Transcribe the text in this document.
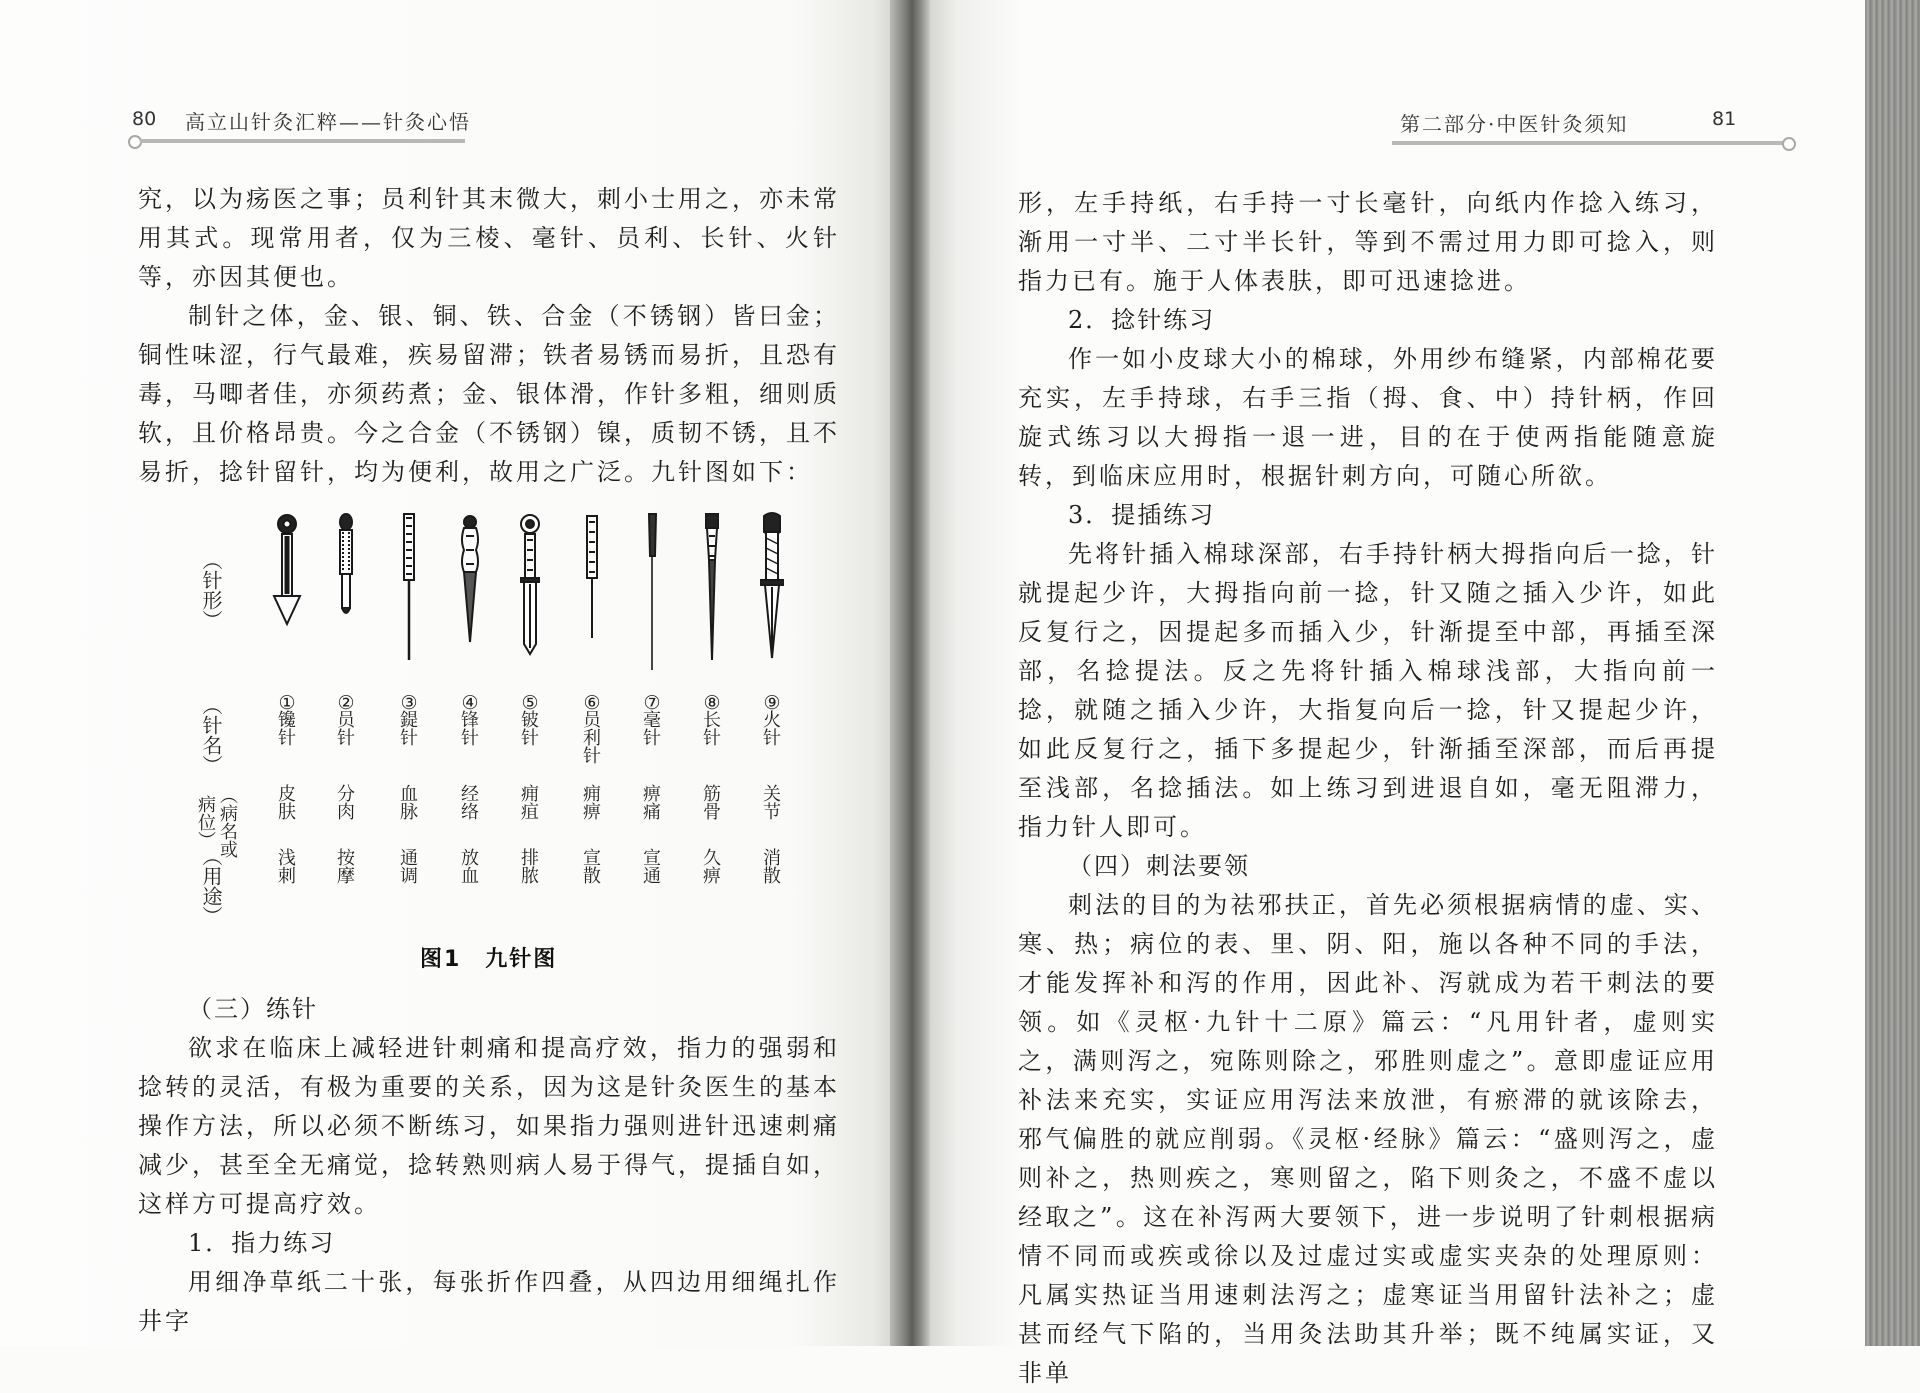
80 高立山针灸汇粹——针灸心悟

究，以为疡医之事；员利针其末微大，刺小士用之，亦未常用其式。现常用者，仅为三棱、毫针、员利、长针、火针等，亦因其便也。

制针之体，金、银、铜、铁、合金（不锈钢）皆曰金；铜性味涩，行气最难，疾易留滞；铁者易锈而易折，且恐有毒，马唧者佳，亦须药煮；金、银体滑，作针多粗，细则质软，且价格昂贵。今之合金（不锈钢）镍，质韧不锈，且不易折，捻针留针，均为便利，故用之广泛。九针图如下：

（针形）
（针名）
（病名或病位）
（用途）
①
镵针
皮肤
浅刺
②
员针
分肉
按摩
③
鍉针
血脉
通调
④
锋针
经络
放血
⑤
铍针
痈疽
排脓
⑥
员利针
痈痹
宣散
⑦
毫针
痹痛
宣通
⑧
长针
筋骨
久痹
⑨
火针
关节
消散
图1　九针图

（三）练针

欲求在临床上减轻进针刺痛和提高疗效，指力的强弱和捻转的灵活，有极为重要的关系，因为这是针灸医生的基本操作方法，所以必须不断练习，如果指力强则进针迅速刺痛减少，甚至全无痛觉，捻转熟则病人易于得气，提插自如，这样方可提高疗效。

1．指力练习

用细净草纸二十张，每张折作四叠，从四边用细绳扎作井字

第二部分·中医针灸须知	81

形，左手持纸，右手持一寸长毫针，向纸内作捻入练习，渐用一寸半、二寸半长针，等到不需过用力即可捻入，则指力已有。施于人体表肤，即可迅速捻进。

2．捻针练习

作一如小皮球大小的棉球，外用纱布缝紧，内部棉花要充实，左手持球，右手三指（拇、食、中）持针柄，作回旋式练习以大拇指一退一进，目的在于使两指能随意旋转，到临床应用时，根据针刺方向，可随心所欲。

3．提插练习

先将针插入棉球深部，右手持针柄大拇指向后一捻，针就提起少许，大拇指向前一捻，针又随之插入少许，如此反复行之，因提起多而插入少，针渐提至中部，再插至深部，名捻提法。反之先将针插入棉球浅部，大指向前一捻，就随之插入少许，大指复向后一捻，针又提起少许，如此反复行之，插下多提起少，针渐插至深部，而后再提至浅部，名捻插法。如上练习到进退自如，毫无阻滞力，指力针人即可。

（四）刺法要领

刺法的目的为祛邪扶正，首先必须根据病情的虚、实、寒、热；病位的表、里、阴、阳，施以各种不同的手法，才能发挥补和泻的作用，因此补、泻就成为若干刺法的要领。如《灵枢·九针十二原》篇云：“凡用针者，虚则实之，满则泻之，宛陈则除之，邪胜则虚之”。意即虚证应用补法来充实，实证应用泻法来放泄，有瘀滞的就该除去，邪气偏胜的就应削弱。《灵枢·经脉》篇云：“盛则泻之，虚则补之，热则疾之，寒则留之，陷下则灸之，不盛不虚以经取之”。这在补泻两大要领下，进一步说明了针刺根据病情不同而或疾或徐以及过虚过实或虚实夹杂的处理原则：凡属实热证当用速刺法泻之；虚寒证当用留针法补之；虚甚而经气下陷的，当用灸法助其升举；既不纯属实证，又非单
